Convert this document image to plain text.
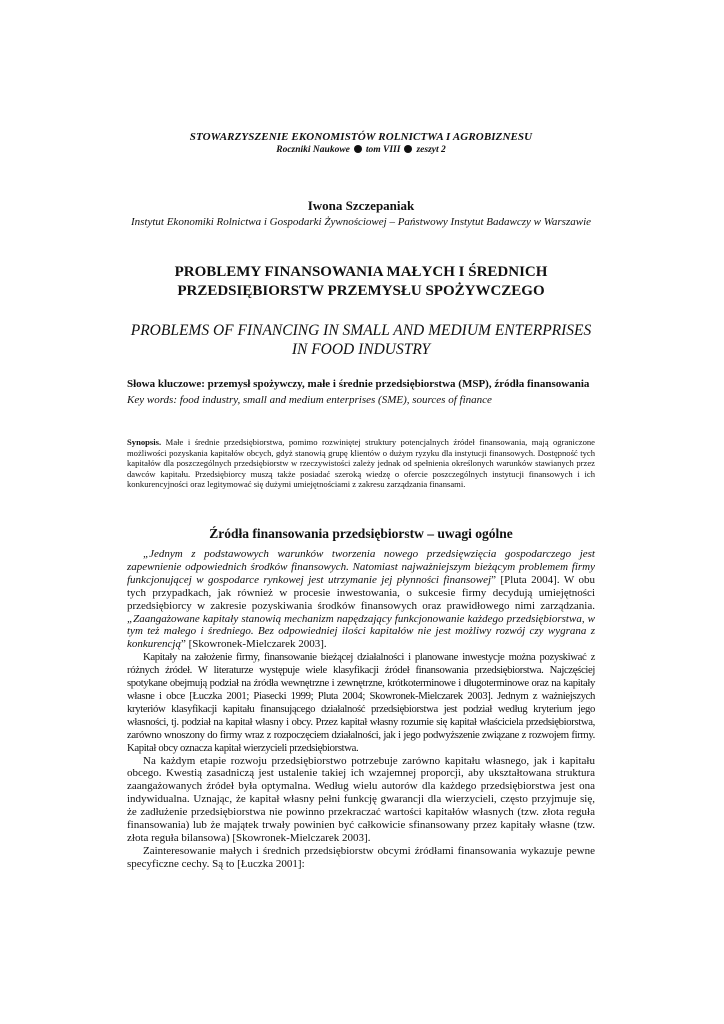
STOWARZYSZENIE EKONOMISTÓW ROLNICTWA I AGROBIZNESU
Roczniki Naukowe tom VIII zeszyt 2
Iwona Szczepaniak
Instytut Ekonomiki Rolnictwa i Gospodarki Żywnościowej – Państwowy Instytut Badawczy w Warszawie
PROBLEMY FINANSOWANIA MAŁYCH I ŚREDNICH PRZEDSIĘBIORSTW PRZEMYSŁU SPOŻYWCZEGO
PROBLEMS OF FINANCING IN SMALL AND MEDIUM ENTERPRISES IN FOOD INDUSTRY
Słowa kluczowe: przemysł spożywczy, małe i średnie przedsiębiorstwa (MSP), źródła finansowania
Key words: food industry, small and medium enterprises (SME), sources of finance
Synopsis. Małe i średnie przedsiębiorstwa, pomimo rozwiniętej struktury potencjalnych źródeł finansowania, mają ograniczone możliwości pozyskania kapitałów obcych, gdyż stanowią grupę klientów o dużym ryzyku dla instytucji finansowych. Dostępność tych kapitałów dla poszczególnych przedsiębiorstw w rzeczywistości zależy jednak od spełnienia określonych warunków stawianych przez dawców kapitału. Przedsiębiorcy muszą także posiadać szeroką wiedzę o ofercie poszczególnych instytucji finansowych i ich konkurencyjności oraz legitymować się dużymi umiejętnościami z zakresu zarządzania finansami.
Źródła finansowania przedsiębiorstw – uwagi ogólne

„Jednym z podstawowych warunków tworzenia nowego przedsięwzięcia gospodarczego jest zapewnienie odpowiednich środków finansowych. Natomiast najważniejszym bieżącym problemem firmy funkcjonującej w gospodarce rynkowej jest utrzymanie jej płynności finansowej” [Pluta 2004]. W obu tych przypadkach, jak również w procesie inwestowania, o sukcesie firmy decydują umiejętności przedsiębiorcy w zakresie pozyskiwania środków finansowych oraz prawidłowego nimi zarządzania. „Zaangażowane kapitały stanowią mechanizm napędzający funkcjonowanie każdego przedsiębiorstwa, w tym też małego i średniego. Bez odpowiedniej ilości kapitałów nie jest możliwy rozwój czy wygrana z konkurencją” [Skowronek-Mielczarek 2003].

Kapitały na założenie firmy, finansowanie bieżącej działalności i planowane inwestycje można pozyskiwać z różnych źródeł. W literaturze występuje wiele klasyfikacji źródeł finansowania przedsiębiorstwa. Najczęściej spotykane obejmują podział na źródła wewnętrzne i zewnętrzne, krótkoterminowe i długoterminowe oraz na kapitały własne i obce [Łuczka 2001; Piasecki 1999; Pluta 2004; Skowronek-Mielczarek 2003]. Jednym z ważniejszych kryteriów klasyfikacji kapitału finansującego działalność przedsiębiorstwa jest podział według kryterium jego własności, tj. podział na kapitał własny i obcy. Przez kapitał własny rozumie się kapitał właściciela przedsiębiorstwa, zarówno wnoszony do firmy wraz z rozpoczęciem działalności, jak i jego podwyższenie związane z rozwojem firmy. Kapitał obcy oznacza kapitał wierzycieli przedsiębiorstwa.

Na każdym etapie rozwoju przedsiębiorstwo potrzebuje zarówno kapitału własnego, jak i kapitału obcego. Kwestią zasadniczą jest ustalenie takiej ich wzajemnej proporcji, aby ukształtowana struktura zaangażowanych źródeł była optymalna. Według wielu autorów dla każdego przedsiębiorstwa jest ona indywidualna. Uznając, że kapitał własny pełni funkcję gwarancji dla wierzycieli, często przyjmuje się, że zadłużenie przedsiębiorstwa nie powinno przekraczać wartości kapitałów własnych (tzw. złota reguła finansowania) lub że majątek trwały powinien być całkowicie sfinansowany przez kapitały własne (tzw. złota reguła bilansowa) [Skowronek-Mielczarek 2003].

Zainteresowanie małych i średnich przedsiębiorstw obcymi źródłami finansowania wykazuje pewne specyficzne cechy. Są to [Łuczka 2001]:
